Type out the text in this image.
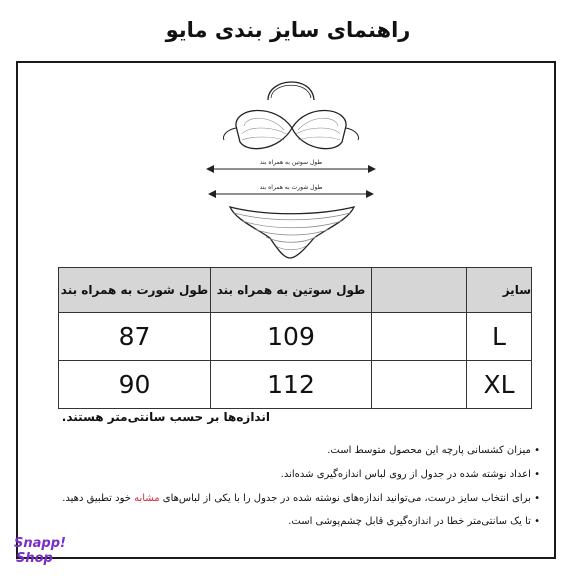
راهنمای سایز بندی مایو
طول سوتین به همراه بند
طول شورت به همراه بند
سایز		طول سوتین به همراه بند	طول شورت به همراه بند
L		109	87
XL		112	90
اندازه‌ها بر حسب سانتی‌متر هستند.
• میزان کشسانی پارچه این محصول متوسط است.
• اعداد نوشته شده در جدول از روی لباس اندازه‌گیری شده‌اند.
• برای انتخاب سایز درست، می‌توانید اندازه‌های نوشته شده در جدول را با یکی از لباس‌های مشابه خود تطبیق دهید.
• تا یک سانتی‌متر خطا در اندازه‌گیری قابل چشم‌پوشی است.
Snapp!
Shop
